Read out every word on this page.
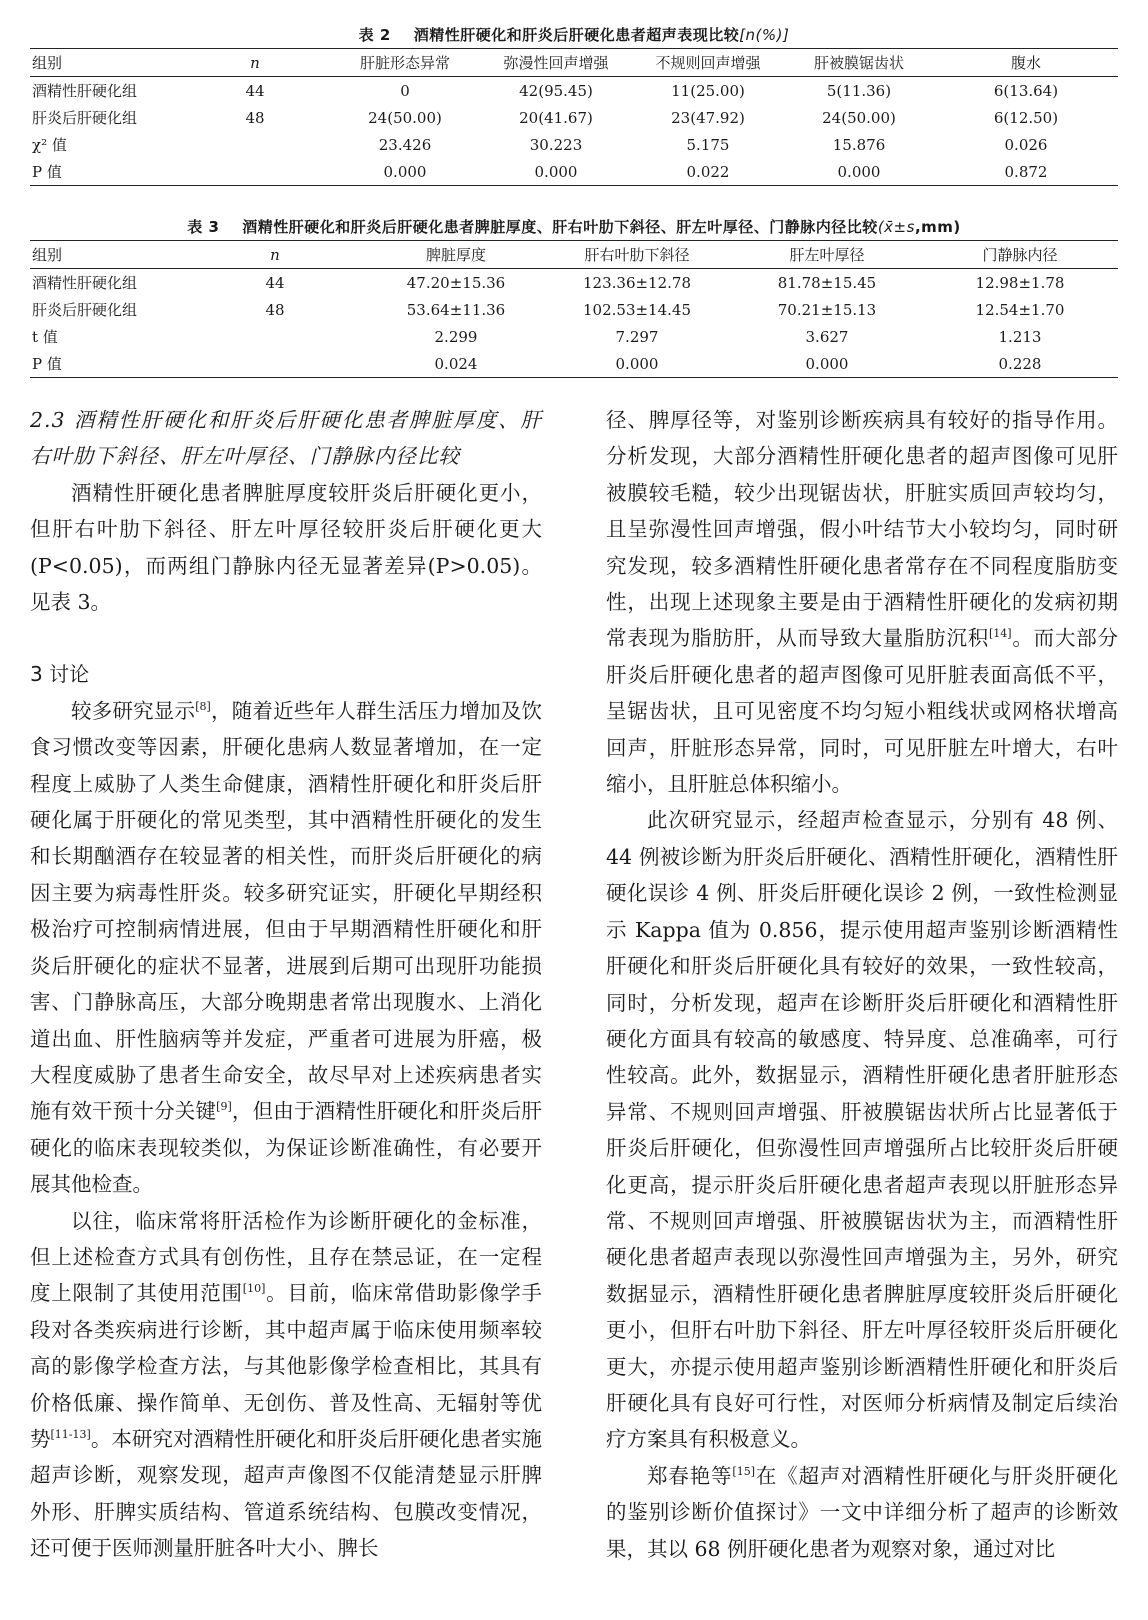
表 2 酒精性肝硬化和肝炎后肝硬化患者超声表现比较[n(%)]
组别	n	肝脏形态异常	弥漫性回声增强	不规则回声增强	肝被膜锯齿状	腹水
酒精性肝硬化组	44	0	42(95.45)	11(25.00)	5(11.36)	6(13.64)
肝炎后肝硬化组	48	24(50.00)	20(41.67)	23(47.92)	24(50.00)	6(12.50)
χ² 值		23.426	30.223	5.175	15.876	0.026
P 值		0.000	0.000	0.022	0.000	0.872
表 3 酒精性肝硬化和肝炎后肝硬化患者脾脏厚度、肝右叶肋下斜径、肝左叶厚径、门静脉内径比较(x̄±s,mm)
组别	n	脾脏厚度	肝右叶肋下斜径	肝左叶厚径	门静脉内径
酒精性肝硬化组	44	47.20±15.36	123.36±12.78	81.78±15.45	12.98±1.78
肝炎后肝硬化组	48	53.64±11.36	102.53±14.45	70.21±15.13	12.54±1.70
t 值		2.299	7.297	3.627	1.213
P 值		0.024	0.000	0.000	0.228

2.3 酒精性肝硬化和肝炎后肝硬化患者脾脏厚度、肝右叶肋下斜径、肝左叶厚径、门静脉内径比较

酒精性肝硬化患者脾脏厚度较肝炎后肝硬化更小，但肝右叶肋下斜径、肝左叶厚径较肝炎后肝硬化更大(P<0.05)，而两组门静脉内径无显著差异(P>0.05)。见表 3。

3 讨论

较多研究显示[8]，随着近些年人群生活压力增加及饮食习惯改变等因素，肝硬化患病人数显著增加，在一定程度上威胁了人类生命健康，酒精性肝硬化和肝炎后肝硬化属于肝硬化的常见类型，其中酒精性肝硬化的发生和长期酗酒存在较显著的相关性，而肝炎后肝硬化的病因主要为病毒性肝炎。较多研究证实，肝硬化早期经积极治疗可控制病情进展，但由于早期酒精性肝硬化和肝炎后肝硬化的症状不显著，进展到后期可出现肝功能损害、门静脉高压，大部分晚期患者常出现腹水、上消化道出血、肝性脑病等并发症，严重者可进展为肝癌，极大程度威胁了患者生命安全，故尽早对上述疾病患者实施有效干预十分关键[9]，但由于酒精性肝硬化和肝炎后肝硬化的临床表现较类似，为保证诊断准确性，有必要开展其他检查。

以往，临床常将肝活检作为诊断肝硬化的金标准，但上述检查方式具有创伤性，且存在禁忌证，在一定程度上限制了其使用范围[10]。目前，临床常借助影像学手段对各类疾病进行诊断，其中超声属于临床使用频率较高的影像学检查方法，与其他影像学检查相比，其具有价格低廉、操作简单、无创伤、普及性高、无辐射等优势[11-13]。本研究对酒精性肝硬化和肝炎后肝硬化患者实施超声诊断，观察发现，超声声像图不仅能清楚显示肝脾外形、肝脾实质结构、管道系统结构、包膜改变情况，还可便于医师测量肝脏各叶大小、脾长

径、脾厚径等，对鉴别诊断疾病具有较好的指导作用。分析发现，大部分酒精性肝硬化患者的超声图像可见肝被膜较毛糙，较少出现锯齿状，肝脏实质回声较均匀，且呈弥漫性回声增强，假小叶结节大小较均匀，同时研究发现，较多酒精性肝硬化患者常存在不同程度脂肪变性，出现上述现象主要是由于酒精性肝硬化的发病初期常表现为脂肪肝，从而导致大量脂肪沉积[14]。而大部分肝炎后肝硬化患者的超声图像可见肝脏表面高低不平，呈锯齿状，且可见密度不均匀短小粗线状或网格状增高回声，肝脏形态异常，同时，可见肝脏左叶增大，右叶缩小，且肝脏总体积缩小。

此次研究显示，经超声检查显示，分别有 48 例、44 例被诊断为肝炎后肝硬化、酒精性肝硬化，酒精性肝硬化误诊 4 例、肝炎后肝硬化误诊 2 例，一致性检测显示 Kappa 值为 0.856，提示使用超声鉴别诊断酒精性肝硬化和肝炎后肝硬化具有较好的效果，一致性较高，同时，分析发现，超声在诊断肝炎后肝硬化和酒精性肝硬化方面具有较高的敏感度、特异度、总准确率，可行性较高。此外，数据显示，酒精性肝硬化患者肝脏形态异常、不规则回声增强、肝被膜锯齿状所占比显著低于肝炎后肝硬化，但弥漫性回声增强所占比较肝炎后肝硬化更高，提示肝炎后肝硬化患者超声表现以肝脏形态异常、不规则回声增强、肝被膜锯齿状为主，而酒精性肝硬化患者超声表现以弥漫性回声增强为主，另外，研究数据显示，酒精性肝硬化患者脾脏厚度较肝炎后肝硬化更小，但肝右叶肋下斜径、肝左叶厚径较肝炎后肝硬化更大，亦提示使用超声鉴别诊断酒精性肝硬化和肝炎后肝硬化具有良好可行性，对医师分析病情及制定后续治疗方案具有积极意义。

郑春艳等[15]在《超声对酒精性肝硬化与肝炎肝硬化的鉴别诊断价值探讨》一文中详细分析了超声的诊断效果，其以 68 例肝硬化患者为观察对象，通过对比
